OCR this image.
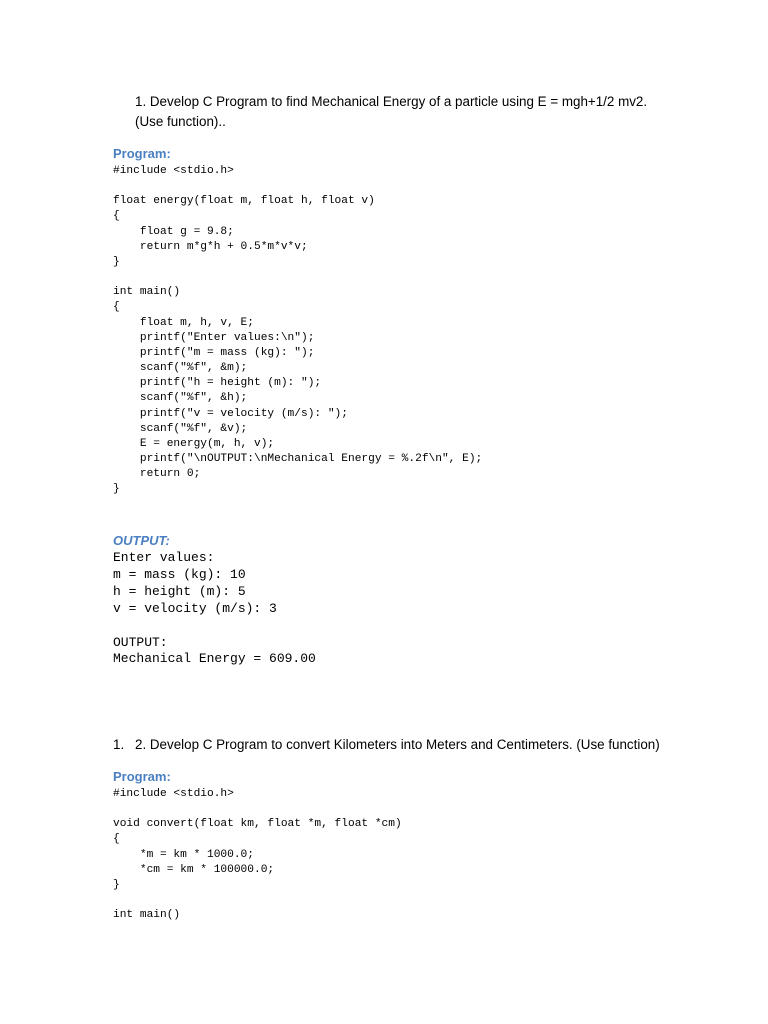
1. Develop C Program to find Mechanical Energy of a particle using E = mgh+1/2 mv2. (Use function)..
Program:
#include <stdio.h>

float energy(float m, float h, float v)
{
float g = 9.8;
return m*g*h + 0.5*m*v*v;
}

int main()
{
float m, h, v, E;
printf("Enter values:\n");
printf("m = mass (kg): ");
scanf("%f", &m);
printf("h = height (m): ");
scanf("%f", &h);
printf("v = velocity (m/s): ");
scanf("%f", &v);
E = energy(m, h, v);
printf("\nOUTPUT:\nMechanical Energy = %.2f\n", E);
return 0;
}
OUTPUT:
Enter values:
m = mass (kg): 10
h = height (m): 5
v = velocity (m/s): 3

OUTPUT:
Mechanical Energy = 609.00
1. 2. Develop C Program to convert Kilometers into Meters and Centimeters. (Use function)
Program:
#include <stdio.h>

void convert(float km, float *m, float *cm)
{
*m = km * 1000.0;
*cm = km * 100000.0;
}

int main()
